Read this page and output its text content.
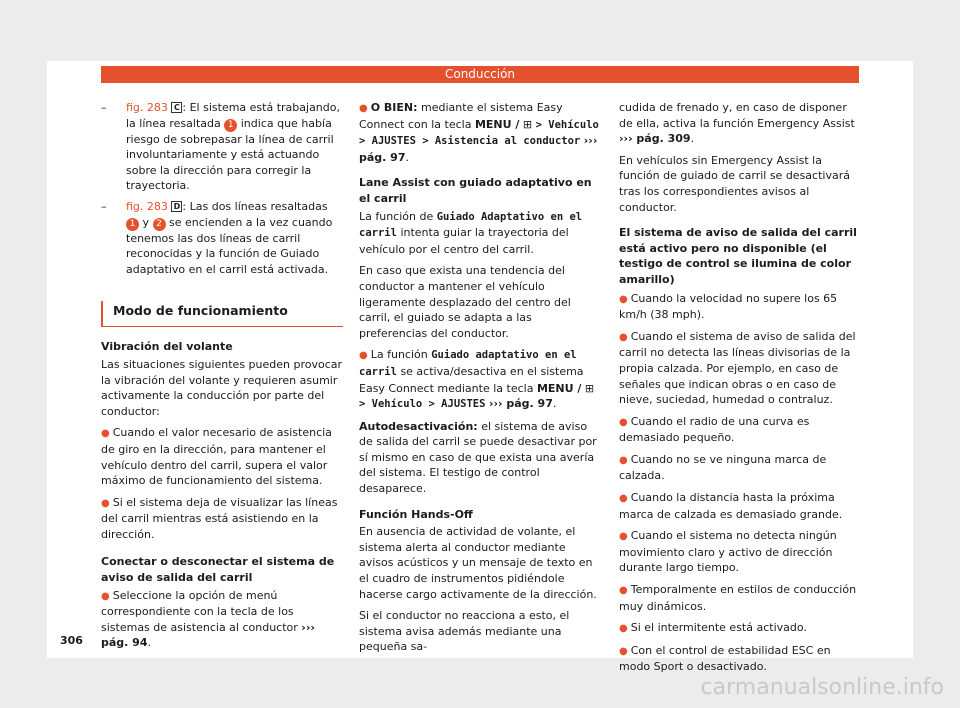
Conducción
– fig. 283 C : El sistema está trabajando, la línea resaltada 1 indica que había riesgo de sobrepasar la línea de carril involuntariamente y está actuando sobre la dirección para corregir la trayectoria.
– fig. 283 D : Las dos líneas resaltadas 1 y 2 se encienden a la vez cuando tenemos las dos líneas de carril reconocidas y la función de Guiado adaptativo en el carril está activada.
Modo de funcionamiento

Vibración del volante

Las situaciones siguientes pueden provocar la vibración del volante y requieren asumir activamente la conducción por parte del conductor:

● Cuando el valor necesario de asistencia de giro en la dirección, para mantener el vehículo dentro del carril, supera el valor máximo de funcionamiento del sistema.

● Si el sistema deja de visualizar las líneas del carril mientras está asistiendo en la dirección.

Conectar o desconectar el sistema de aviso de salida del carril

● Seleccione la opción de menú correspondiente con la tecla de los sistemas de asistencia al conductor ››› pág. 94.

● O BIEN: mediante el sistema Easy Connect con la tecla MENU / ⊞ > Vehículo > AJUSTES > Asistencia al conductor ››› pág. 97.

Lane Assist con guiado adaptativo en el carril

La función de Guiado Adaptativo en el carril intenta guiar la trayectoria del vehículo por el centro del carril.

En caso que exista una tendencia del conductor a mantener el vehículo ligeramente desplazado del centro del carril, el guiado se adapta a las preferencias del conductor.

● La función Guiado adaptativo en el carril se activa/desactiva en el sistema Easy Connect mediante la tecla MENU / ⊞ > Vehículo > AJUSTES ››› pág. 97.

Autodesactivación: el sistema de aviso de salida del carril se puede desactivar por sí mismo en caso de que exista una avería del sistema. El testigo de control desaparece.

Función Hands-Off

En ausencia de actividad de volante, el sistema alerta al conductor mediante avisos acústicos y un mensaje de texto en el cuadro de instrumentos pidiéndole hacerse cargo activamente de la dirección.

Si el conductor no reacciona a esto, el sistema avisa además mediante una pequeña sa-

cudida de frenado y, en caso de disponer de ella, activa la función Emergency Assist ››› pág. 309.

En vehículos sin Emergency Assist la función de guiado de carril se desactivará tras los correspondientes avisos al conductor.

El sistema de aviso de salida del carril está activo pero no disponible (el testigo de control se ilumina de color amarillo)

● Cuando la velocidad no supere los 65 km/h (38 mph).

● Cuando el sistema de aviso de salida del carril no detecta las líneas divisorias de la propia calzada. Por ejemplo, en caso de señales que indican obras o en caso de nieve, suciedad, humedad o contraluz.

● Cuando el radio de una curva es demasiado pequeño.

● Cuando no se ve ninguna marca de calzada.

● Cuando la distancia hasta la próxima marca de calzada es demasiado grande.

● Cuando el sistema no detecta ningún movimiento claro y activo de dirección durante largo tiempo.

● Temporalmente en estilos de conducción muy dinámicos.

● Si el intermitente está activado.

● Con el control de estabilidad ESC en modo Sport o desactivado.

306
carmanualsonline.info
